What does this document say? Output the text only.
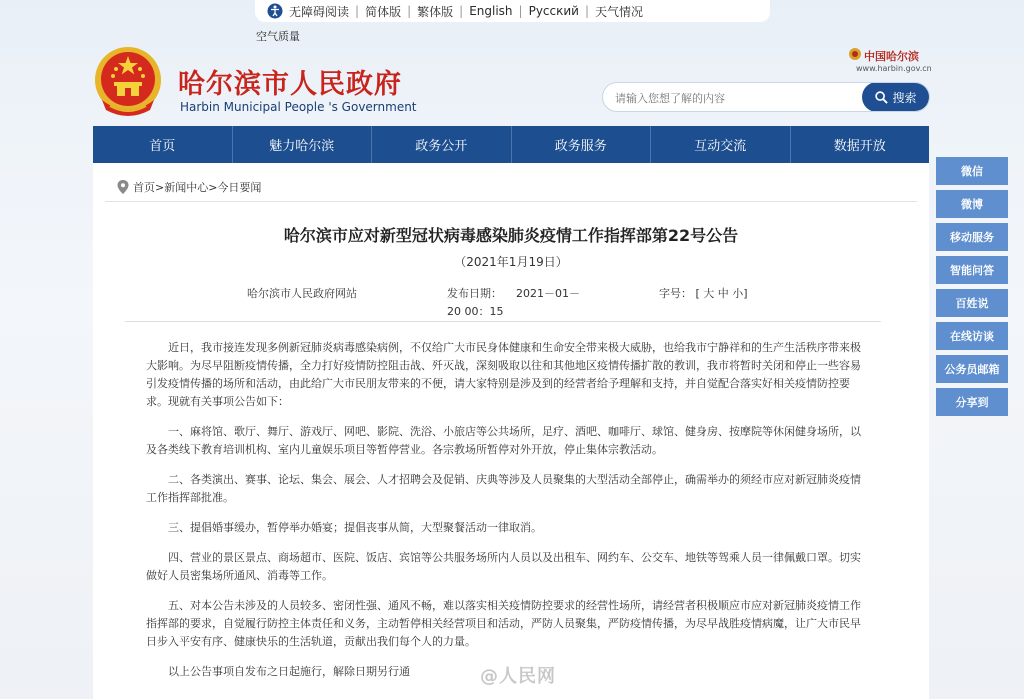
无障碍阅读 | 简体版 | 繁体版 | English | Русский | 天气情况
空气质量
哈尔滨市人民政府
Harbin Municipal People 's Government
中国哈尔滨
www.harbin.gov.cn
请输入您想了解的内容
搜索
首页	魅力哈尔滨	政务公开	政务服务	互动交流	数据开放
首页>新闻中心>今日要闻
哈尔滨市应对新型冠状病毒感染肺炎疫情工作指挥部第22号公告
（2021年1月19日）
哈尔滨市人民政府网站	发布日期： 2021－01－20 00：15
字号： [ 大 中 小]

近日，我市接连发现多例新冠肺炎病毒感染病例，不仅给广大市民身体健康和生命安全带来极大威胁，也给我市宁静祥和的生产生活秩序带来极大影响。为尽早阻断疫情传播，全力打好疫情防控阻击战、歼灭战，深刻吸取以往和其他地区疫情传播扩散的教训，我市将暂时关闭和停止一些容易引发疫情传播的场所和活动，由此给广大市民朋友带来的不便，请大家特别是涉及到的经营者给予理解和支持，并自觉配合落实好相关疫情防控要求。现就有关事项公告如下：

一、麻将馆、歌厅、舞厅、游戏厅、网吧、影院、洗浴、小旅店等公共场所，足疗、酒吧、咖啡厅、球馆、健身房、按摩院等休闲健身场所，以及各类线下教育培训机构、室内儿童娱乐项目等暂停营业。各宗教场所暂停对外开放，停止集体宗教活动。

二、各类演出、赛事、论坛、集会、展会、人才招聘会及促销、庆典等涉及人员聚集的大型活动全部停止，确需举办的须经市应对新冠肺炎疫情工作指挥部批准。

三、提倡婚事缓办，暂停举办婚宴；提倡丧事从简，大型聚餐活动一律取消。

四、营业的景区景点、商场超市、医院、饭店、宾馆等公共服务场所内人员以及出租车、网约车、公交车、地铁等驾乘人员一律佩戴口罩。切实做好人员密集场所通风、消毒等工作。

五、对本公告未涉及的人员较多、密闭性强、通风不畅，难以落实相关疫情防控要求的经营性场所，请经营者积极顺应市应对新冠肺炎疫情工作指挥部的要求，自觉履行防控主体责任和义务，主动暂停相关经营项目和活动，严防人员聚集，严防疫情传播，为尽早战胜疫情病魔，让广大市民早日步入平安有序、健康快乐的生活轨道，贡献出我们每个人的力量。

以上公告事项自发布之日起施行，解除日期另行通	@人民网
微信
微博
移动服务
智能问答
百姓说
在线访谈
公务员邮箱
分享到
